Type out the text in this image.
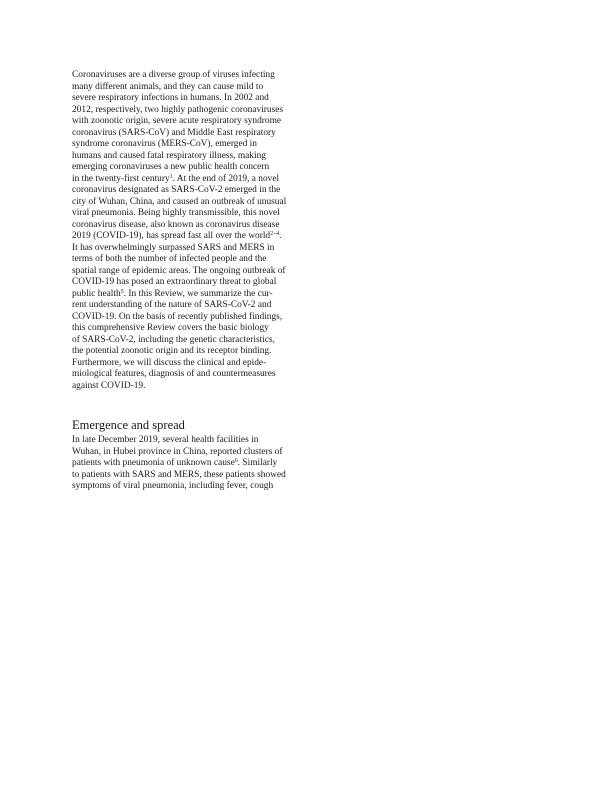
Coronaviruses are a diverse group of viruses infecting
many different animals, and they can cause mild to
severe respiratory infections in humans. In 2002 and
2012, respectively, two highly pathogenic coronaviruses
with zoonotic origin, severe acute respiratory syndrome
coronavirus (SARS-CoV) and Middle East respiratory
syndrome coronavirus (MERS-CoV), emerged in
humans and caused fatal respiratory illness, making
emerging coronaviruses a new public health concern
in the twenty-first century$^1$. At the end of 2019, a novel
coronavirus designated as SARS-CoV-2 emerged in the
city of Wuhan, China, and caused an outbreak of unusual
viral pneumonia. Being highly transmissible, this novel
coronavirus disease, also known as coronavirus disease
2019 (COVID-19), has spread fast all over the world$^{2-4}$.
It has overwhelmingly surpassed SARS and MERS in
terms of both the number of infected people and the
spatial range of epidemic areas. The ongoing outbreak of
COVID-19 has posed an extraordinary threat to global
public health$^5$. In this Review, we summarize the cur-
rent understanding of the nature of SARS-CoV-2 and
COVID-19. On the basis of recently published findings,
this comprehensive Review covers the basic biology
of SARS-CoV-2, including the genetic characteristics,
the potential zoonotic origin and its receptor binding.
Furthermore, we will discuss the clinical and epide-
miological features, diagnosis of and countermeasures
against COVID-19.
Emergence and spread
In late December 2019, several health facilities in
Wuhan, in Hubei province in China, reported clusters of
patients with pneumonia of unknown cause$^6$. Similarly
to patients with SARS and MERS, these patients showed
symptoms of viral pneumonia, including fever, cough
